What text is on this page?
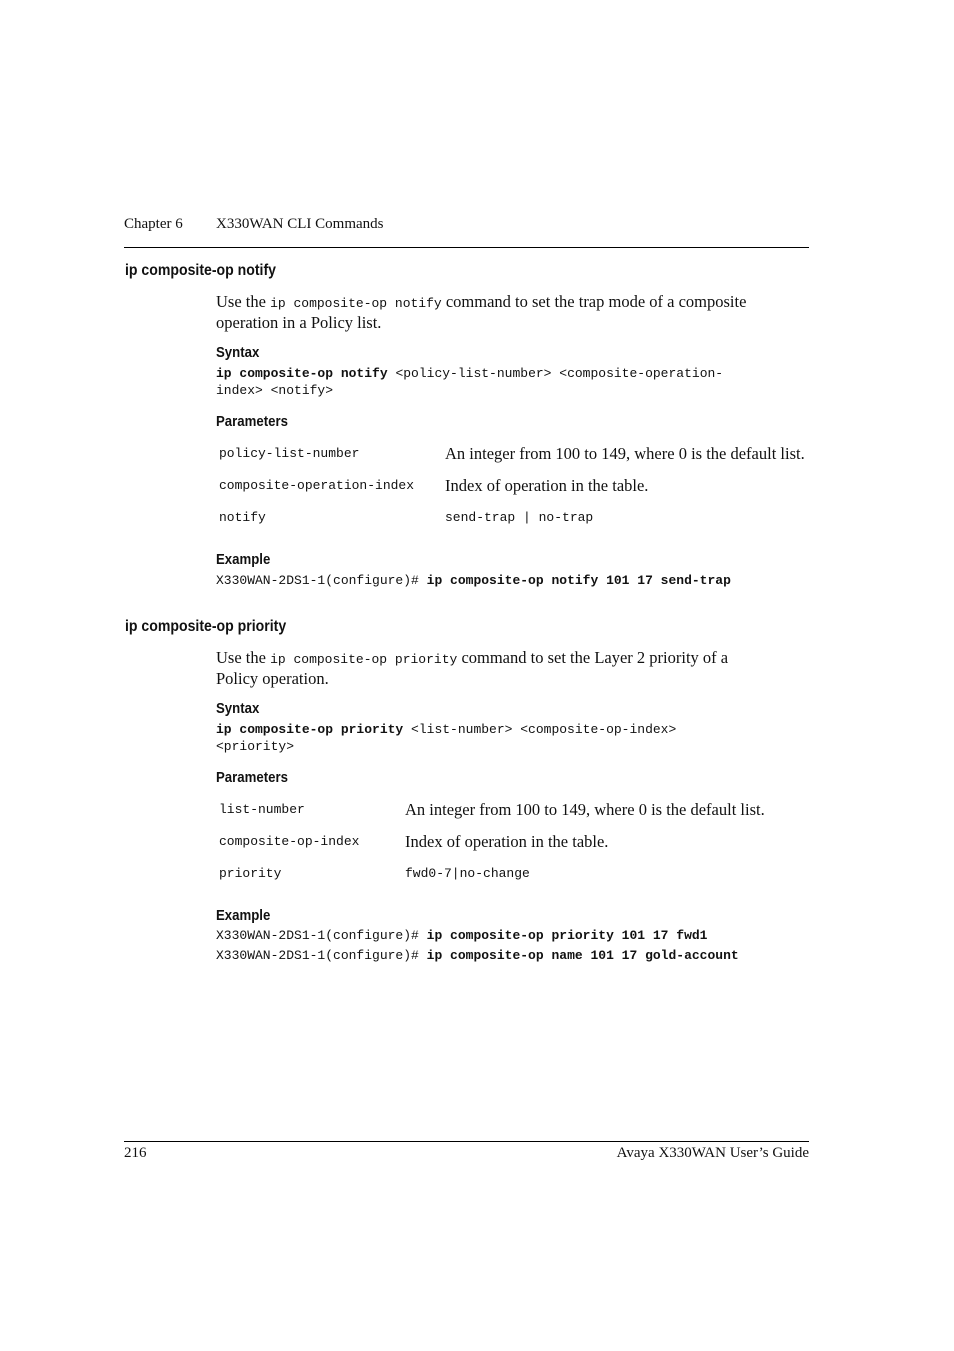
Chapter 6 X330WAN CLI Commands
ip composite-op notify
Use the ip composite-op notify command to set the trap mode of a composite
operation in a Policy list.
Syntax
ip composite-op notify <policy-list-number> <composite-operation-
index> <notify>
Parameters
policy-list-number	An integer from 100 to 149, where 0 is the default list.
composite-operation-index Index of operation in the table.
notify	send-trap | no-trap
Example
X330WAN-2DS1-1(configure)# ip composite-op notify 101 17 send-trap
ip composite-op priority
Use the ip composite-op priority command to set the Layer 2 priority of a
Policy operation.
Syntax
ip composite-op priority <list-number> <composite-op-index>
<priority>
Parameters
list-number	An integer from 100 to 149, where 0 is the default list.
composite-op-index	Index of operation in the table.
priority	fwd0-7|no-change
Example
X330WAN-2DS1-1(configure)# ip composite-op priority 101 17 fwd1
X330WAN-2DS1-1(configure)# ip composite-op name 101 17 gold-account
216	Avaya X330WAN User’s Guide
